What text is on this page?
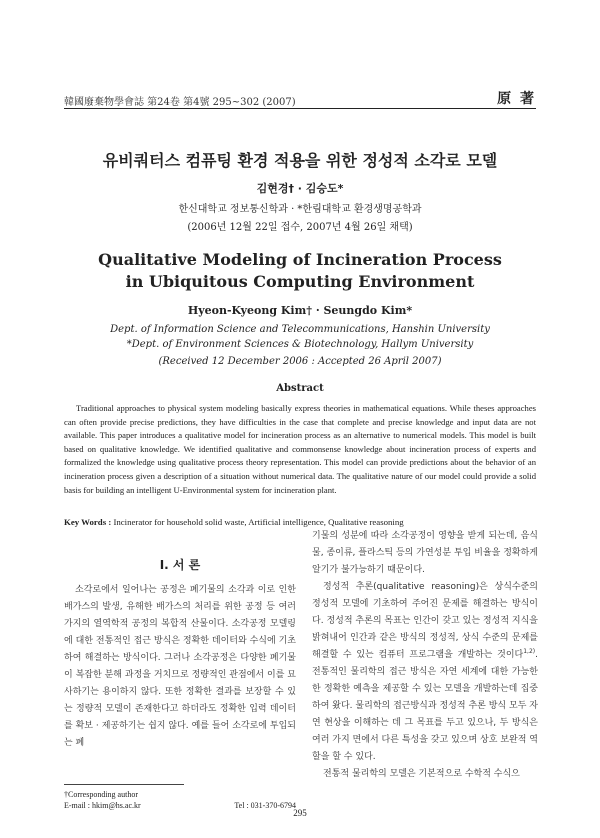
韓國廢棄物學會誌 第24卷 第4號 295~302 (2007)	原 著
유비쿼터스 컴퓨팅 환경 적용을 위한 정성적 소각로 모델
김현경† · 김승도*
한신대학교 정보통신학과 · *한림대학교 환경생명공학과
(2006년 12월 22일 접수, 2007년 4월 26일 채택)
Qualitative Modeling of Incineration Process
in Ubiquitous Computing Environment
Hyeon-Kyeong Kim† · Seungdo Kim*
Dept. of Information Science and Telecommunications, Hanshin University
*Dept. of Environment Sciences & Biotechnology, Hallym University
(Received 12 December 2006 : Accepted 26 April 2007)
Abstract
Traditional approaches to physical system modeling basically express theories in mathematical equations. While theses approaches can often provide precise predictions, they have difficulties in the case that complete and precise knowledge and input data are not available. This paper introduces a qualitative model for incineration process as an alternative to numerical models. This model is built based on qualitative knowledge. We identified qualitative and commonsense knowledge about incineration process of experts and formalized the knowledge using qualitative process theory representation. This model can provide predictions about the behavior of an incineration process given a description of a situation without numerical data. The qualitative nature of our model could provide a solid basis for building an intelligent U-Environmental system for incineration plant.
Key Words : Incinerator for household solid waste, Artificial intelligence, Qualitative reasoning
I. 서 론

소각로에서 일어나는 공정은 폐기물의 소각과 이로 인한 배가스의 발생, 유해한 배가스의 처리를 위한 공정 등 여러 가지의 열역학적 공정의 복합적 산물이다. 소각공정 모델링에 대한 전통적인 접근 방식은 정확한 데이터와 수식에 기초하여 해결하는 방식이다. 그러나 소각공정은 다양한 폐기물이 복잡한 분해 과정을 거치므로 정량적인 관점에서 이를 묘사하기는 용이하지 않다. 또한 정확한 결과를 보장할 수 있는 정량적 모델이 존재한다고 하더라도 정확한 입력 데이터를 확보 · 제공하기는 쉽지 않다. 예를 들어 소각로에 투입되는 폐

기물의 성분에 따라 소각공정이 영향을 받게 되는데, 음식물, 종이류, 플라스틱 등의 가연성분 투입 비율을 정확하게 알기가 불가능하기 때문이다.

정성적 추론(qualitative reasoning)은 상식수준의 정성적 모델에 기초하여 주어진 문제를 해결하는 방식이다. 정성적 추론의 목표는 인간이 갖고 있는 정성적 지식을 밝혀내어 인간과 같은 방식의 정성적, 상식 수준의 문제를 해결할 수 있는 컴퓨터 프로그램을 개발하는 것이다$^{1,2)}$. 전통적인 물리학의 접근 방식은 자연 세계에 대한 가능한 한 정확한 예측을 제공할 수 있는 모델을 개발하는데 집중하여 왔다. 물리학의 접근방식과 정성적 추론 방식 모두 자연 현상을 이해하는 데 그 목표를 두고 있으나, 두 방식은 여러 가지 면에서 다른 특성을 갖고 있으며 상호 보완적 역할을 할 수 있다.

전통적 물리학의 모델은 기본적으로 수학적 수식으

†Corresponding author
E-mail : hkim@hs.ac.kr	Tel : 031-370-6794
295
